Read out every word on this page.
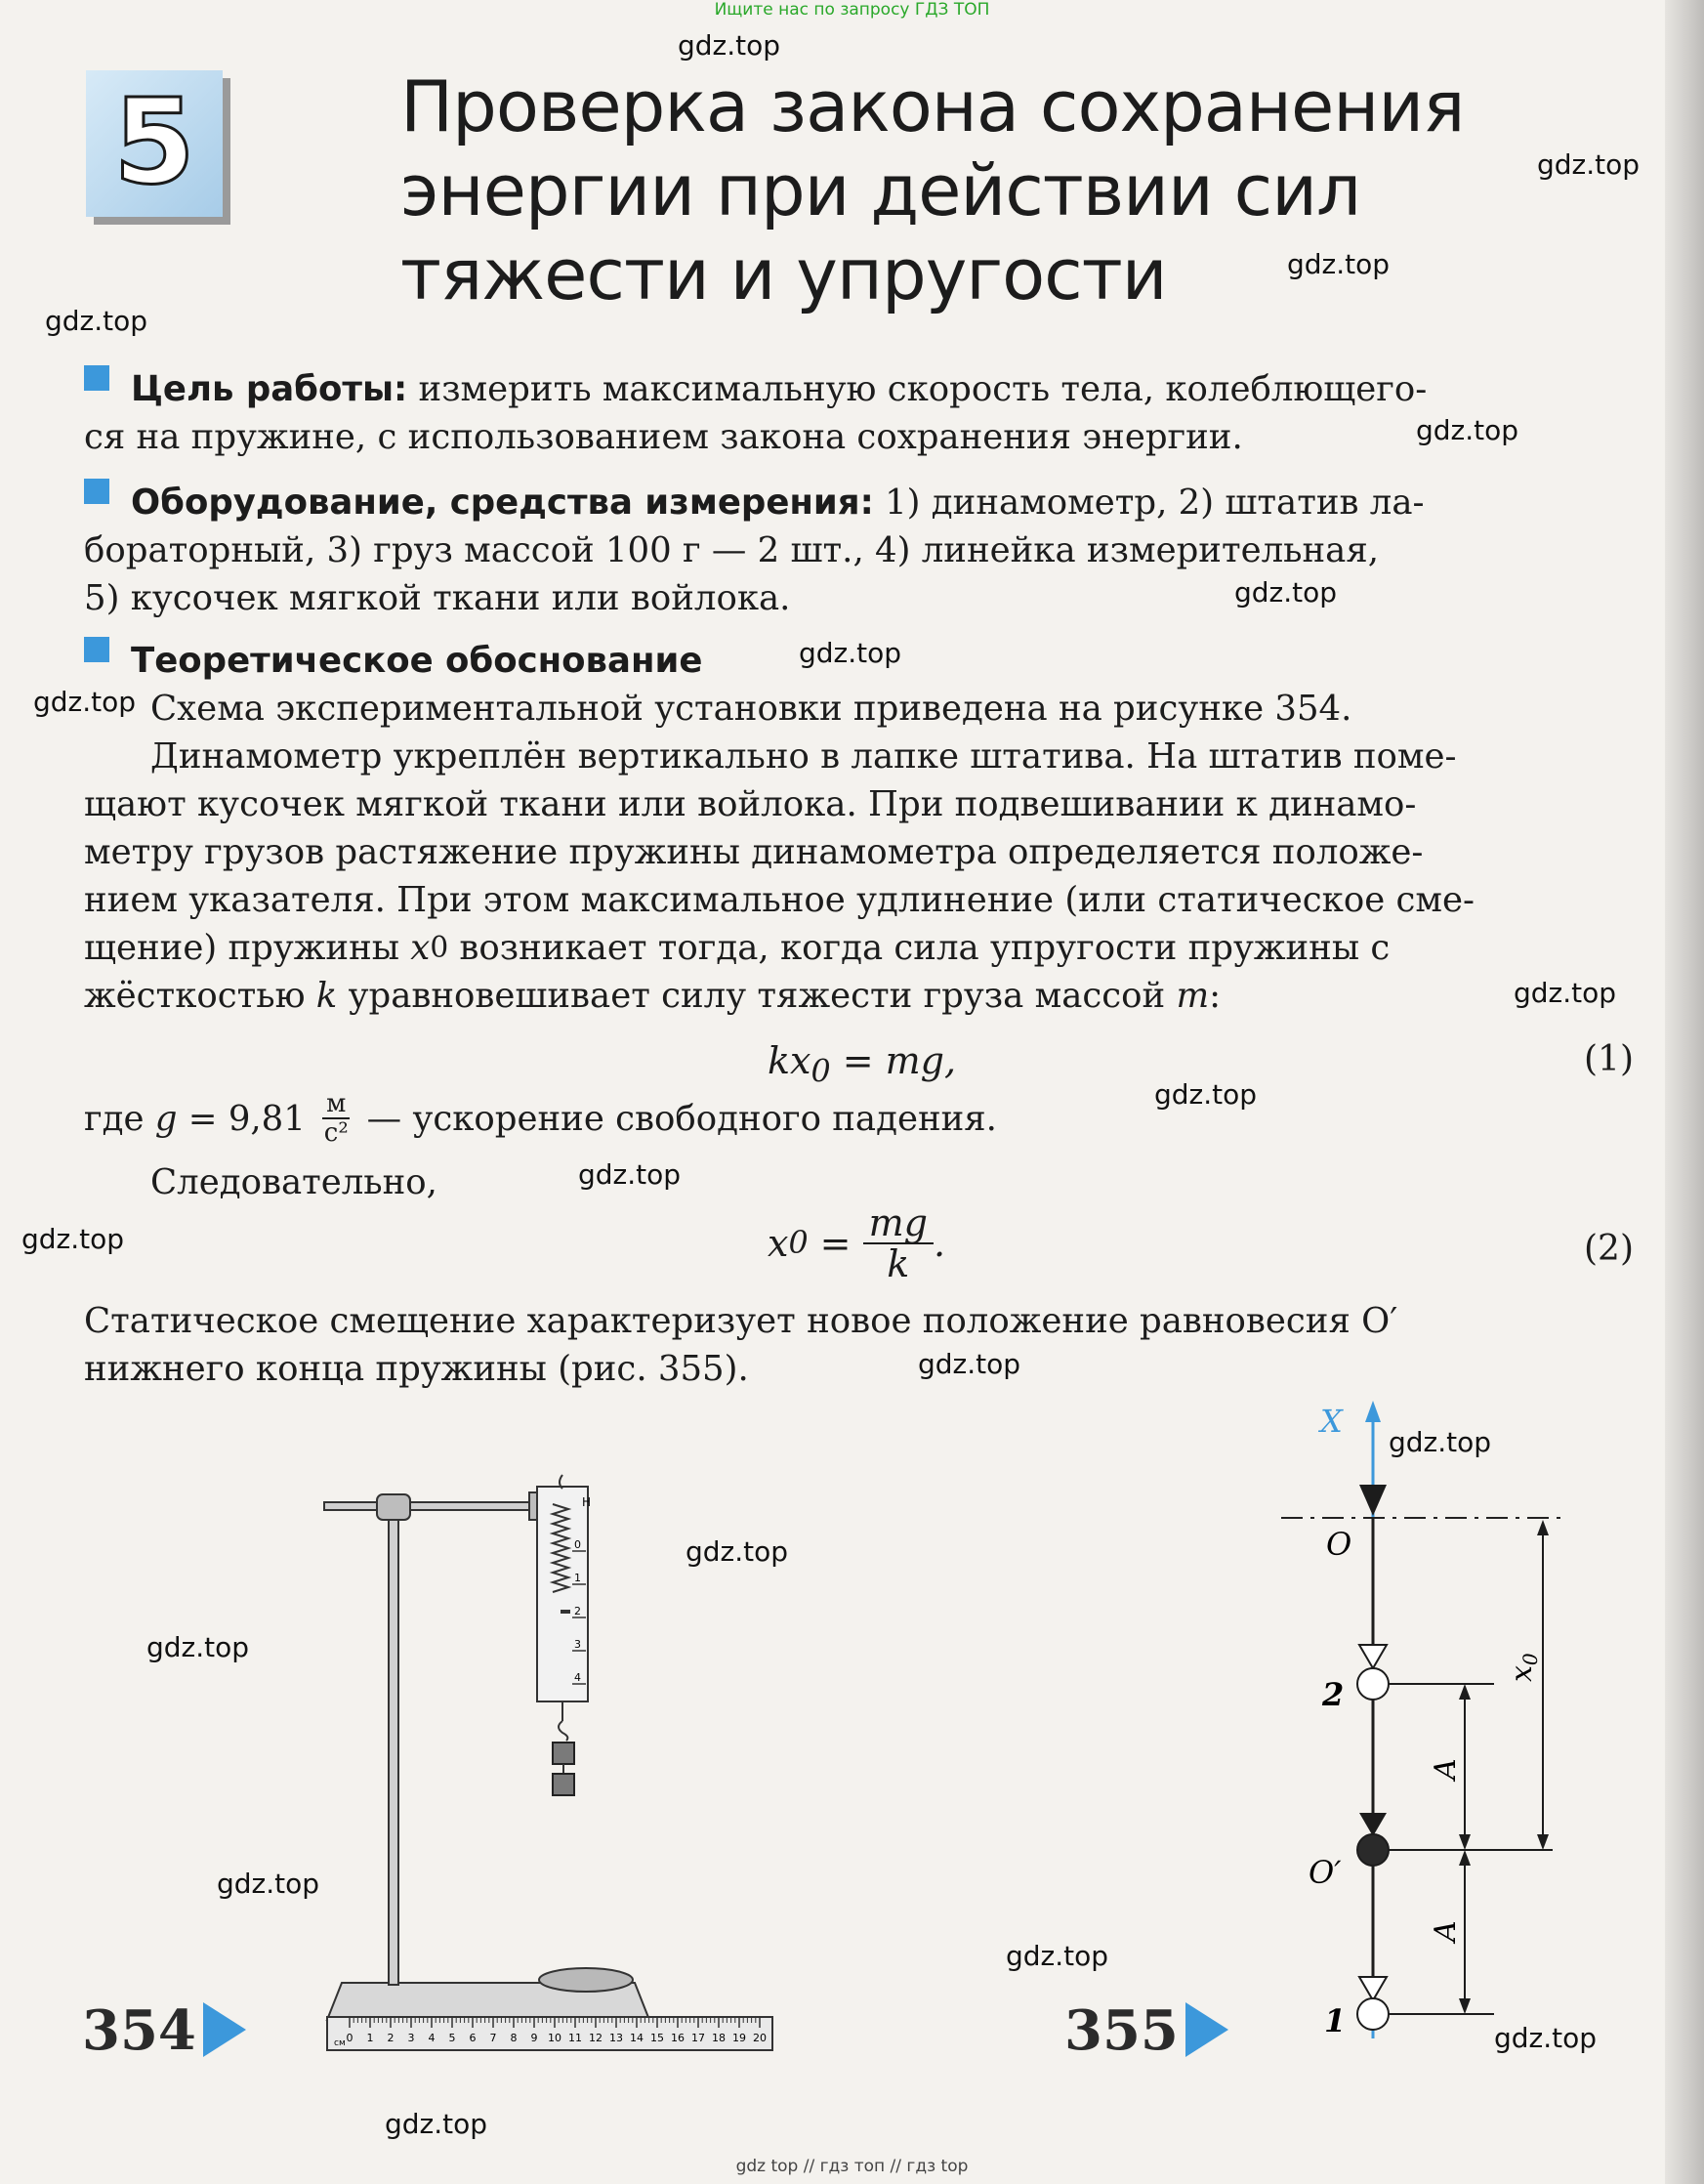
Ищите нас по запросу ГДЗ ТОП
gdz.top
gdz.top
gdz.top
gdz.top
gdz.top
gdz.top
gdz.top
gdz.top
gdz.top
gdz.top
gdz.top
gdz.top
gdz.top
gdz.top
gdz.top
gdz.top
gdz.top
gdz.top
gdz.top
gdz.top
5	Проверка закона сохранения
энергии при действии сил
тяжести и упругости
Цель работы: измерить максимальную скорость тела, колеблющего-
ся на пружине, с использованием закона сохранения энергии.
Оборудование, средства измерения: 1) динамометр, 2) штатив ла-
бораторный, 3) груз массой 100 г — 2 шт., 4) линейка измерительная,
5) кусочек мягкой ткани или войлока.
Теоретическое обоснование
Схема экспериментальной установки приведена на рисунке 354.
Динамометр укреплён вертикально в лапке штатива. На штатив поме-
щают кусочек мягкой ткани или войлока. При подвешивании к динамо-
метру грузов растяжение пружины динамометра определяется положе-
нием указателя. При этом максимальное удлинение (или статическое сме-
щение) пружины x 0 возникает тогда, когда сила упругости пружины с
жёсткостью k уравновешивает силу тяжести груза массой m :
$kx_0$ = mg,	(1)
где g = 9,81 м
с² — ускорение свободного падения.
Следовательно,
x $0 = \frac{mg}{k}$ .	(2)
Статическое смещение характеризует новое положение равновесия O′
нижнего конца пружины (рис. 355).
Н
0
1
2
3
4
см 0 1 2 3 4 5 6 7 8 9 10 11 12 13 14 15 16 17 18 19 20
354
X
O
2
O′
1
$x_0$
A
A
355
gdz top // гдз топ // гдз top
